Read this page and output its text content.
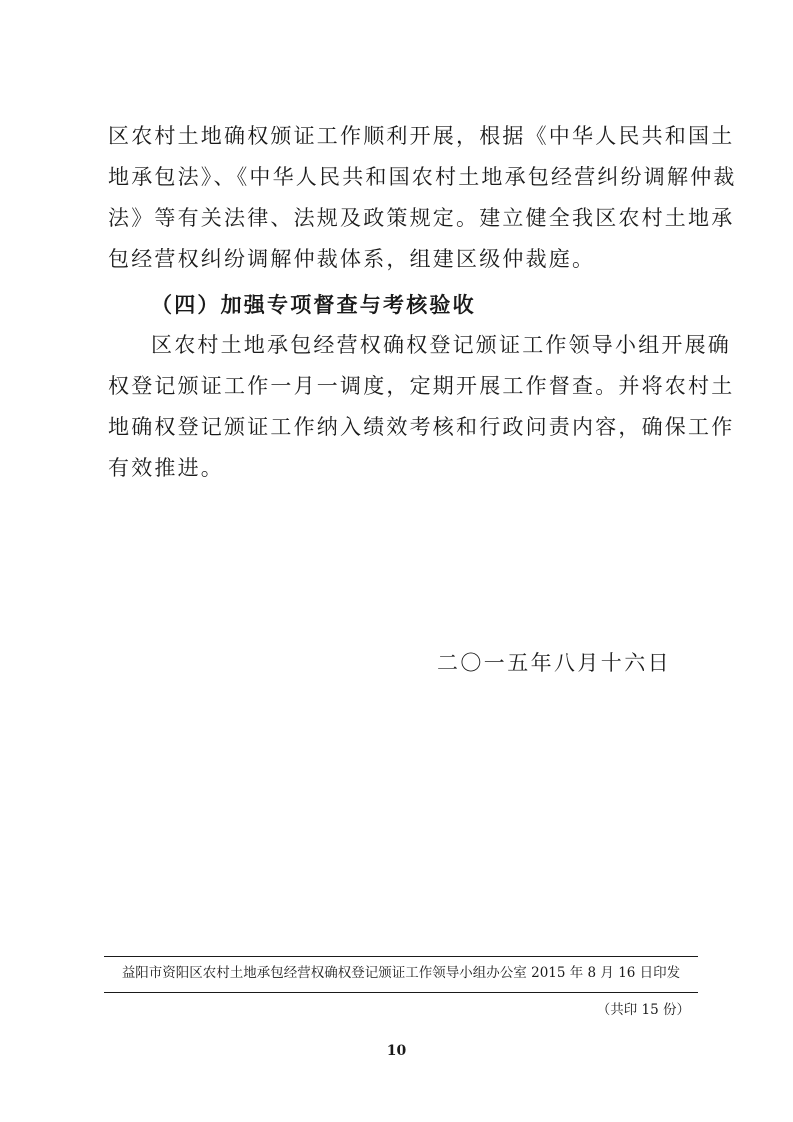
区农村土地确权颁证工作顺利开展，根据《中华人民共和国土
地承包法》、《中华人民共和国农村土地承包经营纠纷调解仲裁
法》等有关法律、法规及政策规定。建立健全我区农村土地承
包经营权纠纷调解仲裁体系，组建区级仲裁庭。
（四）加强专项督查与考核验收
区农村土地承包经营权确权登记颁证工作领导小组开展确
权登记颁证工作一月一调度，定期开展工作督查。并将农村土
地确权登记颁证工作纳入绩效考核和行政问责内容，确保工作
有效推进。
二〇一五年八月十六日
益阳市资阳区农村土地承包经营权确权登记颁证工作领导小组办公室 2015 年 8 月 16 日印发
（共印 15 份）
10
